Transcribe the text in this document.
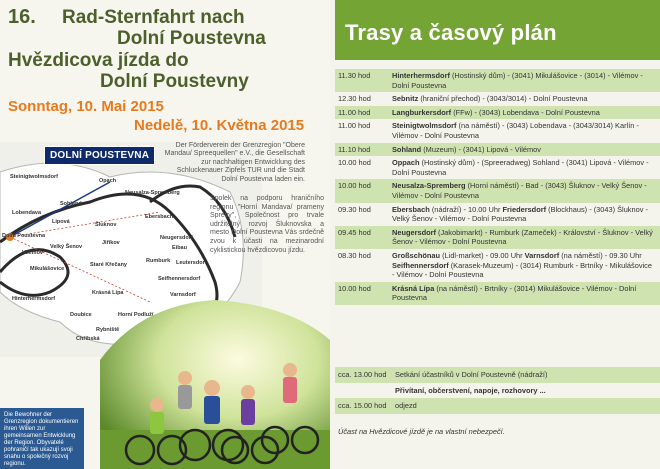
16. Rad-Sternfahrt nach
Dolní Poustevna
Hvězdicova jízda do
Dolní Poustevny
Sonntag, 10. Mai 2015
Nedelě, 10. Května 2015
DOLNÍ POUSTEVNA
Steinigtwolmsdorf
Opach
Neusalza-Spremberg
Sohland
Lobendava
Lipová	Šluknov
Ebersbach
Dolní Poustevna
Velký Šenov
Vilémov
Jiříkov
Neugersdorf
Eibau
Mikulášovice
Staré Křečany
Rumburk Leutersdorf
Krásná Lípa
Seifhennersdorf
Hinterhermsdorf
Varnsdorf
Doubice	Horní Podluží
Rybniště
Chřibská
Der Förderverein der Grenzregion "Obere Mandau/ Spreequellen" e.V., die Gesellschaft zur nachhaltigen Entwicklung des Schluckenauer Zipfels TUR und die Stadt Dolní Poustevna laden ein.
Spolek na podporu hraničního regionu "Horní Mandava/ prameny Sprévy", Společnost pro trvale udržitelný rozvoj Šluknovska a mesto Dolní Poustevna Vás srdečně zvou k účasti na mezinarodní cyklistickou hvězdicovou jízdu.
Die Bewohner der Grenzregion dokumentieren ihren Willen zur gemeinsamen Entwicklung der Region. Obyvatelé pohraničí tak ukazují svoji snahu o společný rozvoj regionu.
Trasy a časový plán
11.30 hod	Hinterhermsdorf (Hostinský dům) - (3041) Mikulášovice - (3014) - Vilémov - Dolní Poustevna
12.30 hod	Sebnitz (hraniční přechod) - (3043/3014) - Dolní Poustevna
11.00 hod	Langburkersdorf (FFw) - (3043) Lobendava - Dolní Poustevna
11.00 hod	Steinigtwolmsdorf (na náměstí) - (3043) Lobendava - (3043/3014) Karlín - Vilémov - Dolní Poustevna
11.10 hod	Sohland (Muzeum) - (3041) Lipová - Vilémov
10.00 hod	Oppach (Hostinský dům) - (Spreeradweg) Sohland - (3041) Lipová - Vilémov - Dolní Poustevna
10.00 hod	Neusalza-Spremberg (Horní náměstí) - Bad - (3043) Šluknov - Velký Šenov - Vilémov - Dolní Poustevna
09.30 hod	Ebersbach (nádraží) - 10.00 Uhr Friedersdorf (Blockhaus) - (3043) Šluknov - Velký Šenov - Vilémov - Dolní Poustevna
09.45 hod	Neugersdorf (Jakobimarkt) - Rumburk (Zameček) - Království - Šluknov - Velký Šenov - Vilémov - Dolní Poustevna
08.30 hod	Großschönau (Lidl-market) - 09.00 Uhr Varnsdorf (na náměstí) - 09.30 Uhr Seifhennersdorf (Karasek-Muzeum) - (3014) Rumburk - Brtníky - Mikulášovice - Vilémov - Dolní Poustevna
10.00 hod	Krásná Lípa (na náměstí) - Brtníky - (3014) Mikulášovice - Vilémov - Dolní Poustevna
cca. 13.00 hod	Setkání účastníků v Dolní Poustevně (nádraží)
Přivítaní, občerstvení, napoje, rozhovory ...
cca. 15.00 hod	odjezd
Účast na Hvězdicové jízdě je na vlastní nebezpečí.
